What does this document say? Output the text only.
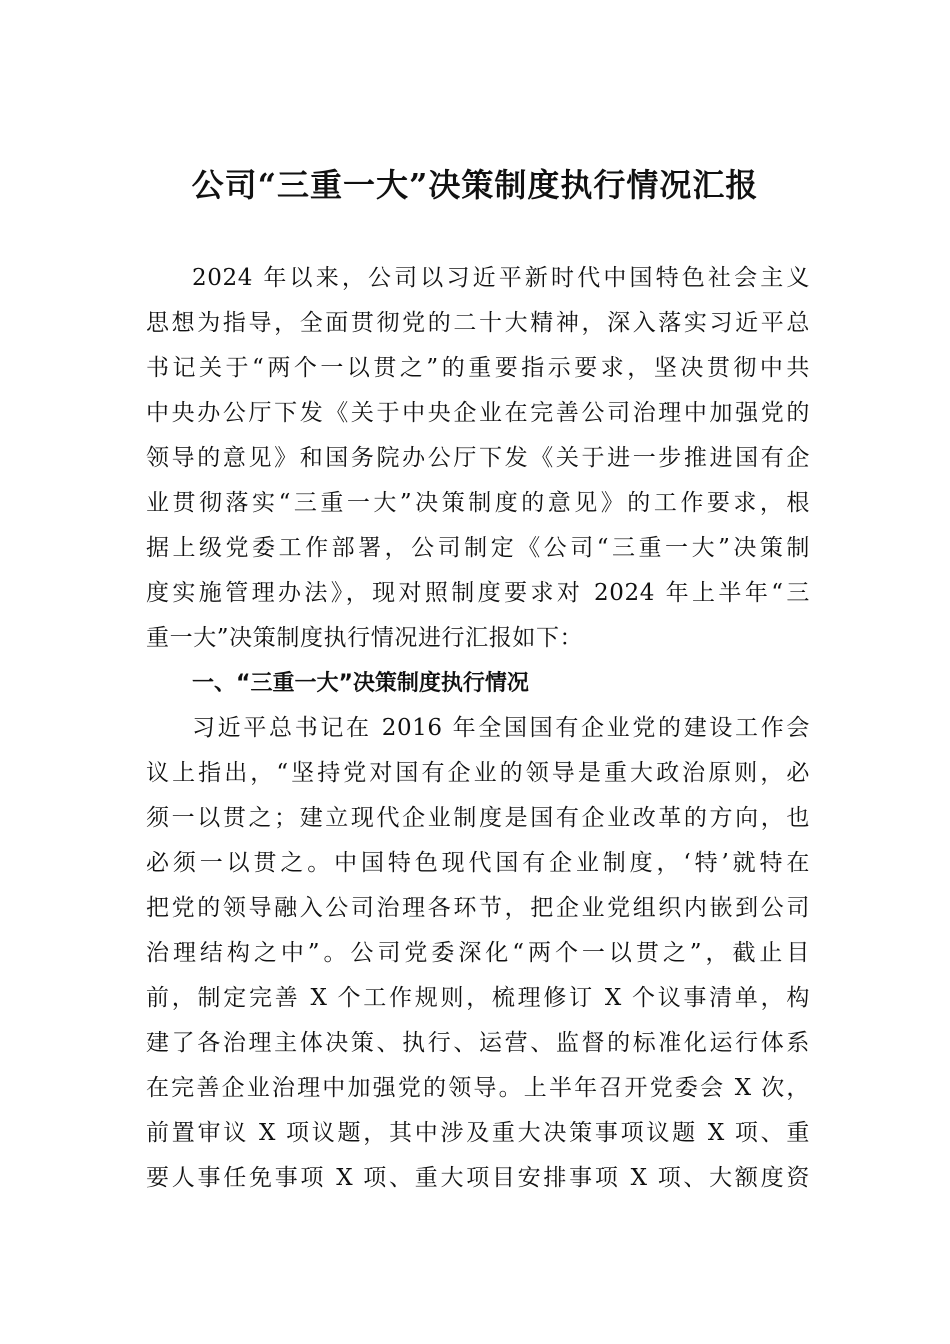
公司“三重一大”决策制度执行情况汇报
2024 年以来，公司以习近平新时代中国特色社会主义
思想为指导，全面贯彻党的二十大精神，深入落实习近平总
书记关于“两个一以贯之”的重要指示要求，坚决贯彻中共
中央办公厅下发《关于中央企业在完善公司治理中加强党的
领导的意见》和国务院办公厅下发《关于进一步推进国有企
业贯彻落实“三重一大”决策制度的意见》的工作要求，根
据上级党委工作部署，公司制定《公司“三重一大”决策制
度实施管理办法》，现对照制度要求对 2024 年上半年“三
重一大”决策制度执行情况进行汇报如下：
一、“三重一大”决策制度执行情况
习近平总书记在 2016 年全国国有企业党的建设工作会
议上指出，“坚持党对国有企业的领导是重大政治原则，必
须一以贯之；建立现代企业制度是国有企业改革的方向，也
必须一以贯之。中国特色现代国有企业制度，‘特’就特在
把党的领导融入公司治理各环节，把企业党组织内嵌到公司
治理结构之中”。公司党委深化“两个一以贯之”，截止目
前，制定完善 X 个工作规则，梳理修订 X 个议事清单，构
建了各治理主体决策、执行、运营、监督的标准化运行体系
在完善企业治理中加强党的领导。上半年召开党委会 X 次，
前置审议 X 项议题，其中涉及重大决策事项议题 X 项、重
要人事任免事项 X 项、重大项目安排事项 X 项、大额度资
